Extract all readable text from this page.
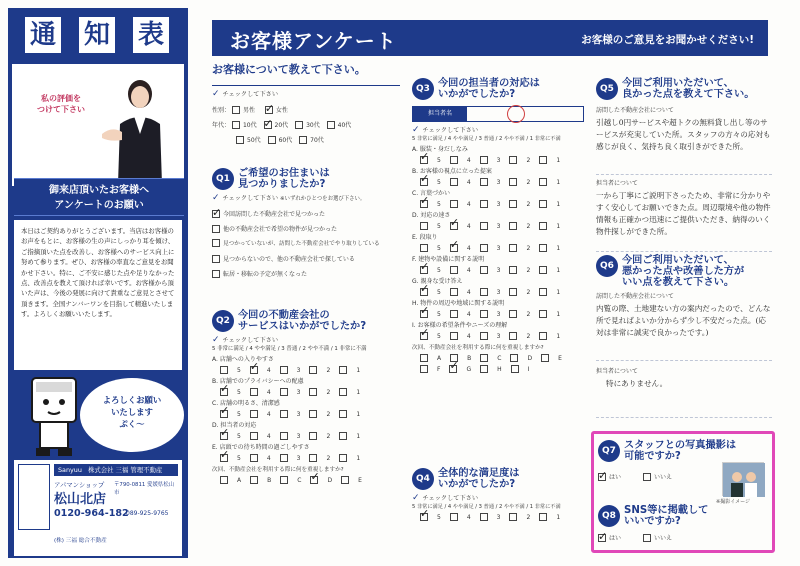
通	知	表
私の評価を
つけて下さい
御来店頂いたお客様へ
アンケートのお願い
本日はご契約ありがとうございます。当店はお客様のお声をもとに、お客様の生の声にしっかり耳を傾け、ご指摘頂いた点を改善し、お客様へのサービス向上に努めて参ります。ぜひ、お客様の率直なご意見をお聞かせ下さい。特に、ご不安に感じた点や足りなかった点、改善点を教えて頂ければ幸いです。お客様から頂いた声は、今後の発展に向けて貴重なご意見とさせて頂きます。全国ナンバーワンを目指して精進いたします。よろしくお願いいたします。
よろしくお願い
いたします
ぷく〜
Sanyuu 株式会社 三福 管理不動産
アパマンショップ
松山北店
〒790-0811 愛媛県松山市
0120-964-182
089-925-9765
(株) 三福 総合不動産
お客様アンケート	お客様のご意見をお聞かせください!
お客様について教えて下さい。
✓ チェックして下さい
性別： 男性 ✓	女性
年代： 10代 ✓	20代	30代	40代
50代	60代	70代
Q1 ご希望のお住まいは
見つかりましたか?
✓ チェックして下さい ※いずれかひとつをお選び下さい。
✓今回訪問した不動産会社で見つかった
他の不動産会社で希望の物件が見つかった
見つかっていないが、訪問した不動産会社でやり取りしている
見つからないので、他の不動産会社で探している
転居・移転の予定が無くなった
Q2 今回の不動産会社の
サービスはいかがでしたか?
✓ チェックして下さい
5 非常に満足 / 4 やや満足 / 3 普通 / 2 やや不満 / 1 非常に不満
A. 店舗への入りやすさ
5 ✓	4	3	2	1
B. 店舗でのプライバシーへの配慮
✓5	4	3	2	1
C. 店舗の明るさ、清潔感
✓5	4	3	2	1
D. 担当者の対応
✓5	4	3	2	1
E. 店頭での待ち時間の過ごしやすさ
✓5	4	3	2	1
次回、不動産会社を利用する際に何を重視しますか?
A	B	C ✓	D	E
Q3 今回の担当者の対応は
いかがでしたか?
担当者名
✓ チェックして下さい
5 非常に満足 / 4 やや満足 / 3 普通 / 2 やや不満 / 1 非常に不満
A. 服装・身だしなみ
✓5	4	3	2	1
B. お客様の視点に立った提案
✓5	4	3	2	1
C. 言葉づかい
✓5	4	3	2	1
D. 対応の速さ
5 ✓	4	3	2	1
E. 段取り
5 ✓	4	3	2	1
F. 建物や設備に関する説明
✓5	4	3	2	1
G. 親身な受け答え
✓5	4	3	2	1
H. 物件の周辺や地域に関する説明
✓5	4	3	2	1
I. お客様の希望条件やニーズの理解
✓5	4	3	2	1
次回、不動産会社を利用する際に何を重視しますか?
A	B	C	D	E
F ✓	G	H	I
Q4 全体的な満足度は
いかがでしたか?
✓ チェックして下さい
5 非常に満足 / 4 やや満足 / 3 普通 / 2 やや不満 / 1 非常に不満
✓5	4	3	2	1
Q5 今回ご利用いただいて、
良かった点を教えて下さい。
訪問した不動産会社について
引越し0円サービスや超トクの無料貸し出し等のサービスが充実していた所。スタッフの方々の応対も感じが良く、気持ち良く取引きができた所。
担当者について
一から丁寧にご説明下さったため、非常に分かりやすく安心してお願いできた点。周辺環境や他の物件情報も正確かつ迅速にご提供いただき、納得のいく物件探しができた所。
Q6 今回ご利用いただいて、
悪かった点や改善した方が
いい点を教えて下さい。
訪問した不動産会社について
内覧の際、土地建ない方の案内だったので、どんな所で見ればよいか分からず少し不安だった点。(応対は非常に誠実で良かったです。)
担当者について
特にありません。
Q7 スタッフとの写真撮影は
可能ですか?
✓はい	いいえ
※撮影イメージ
Q8 SNS等に掲載して
いいですか?
✓はい	いいえ
